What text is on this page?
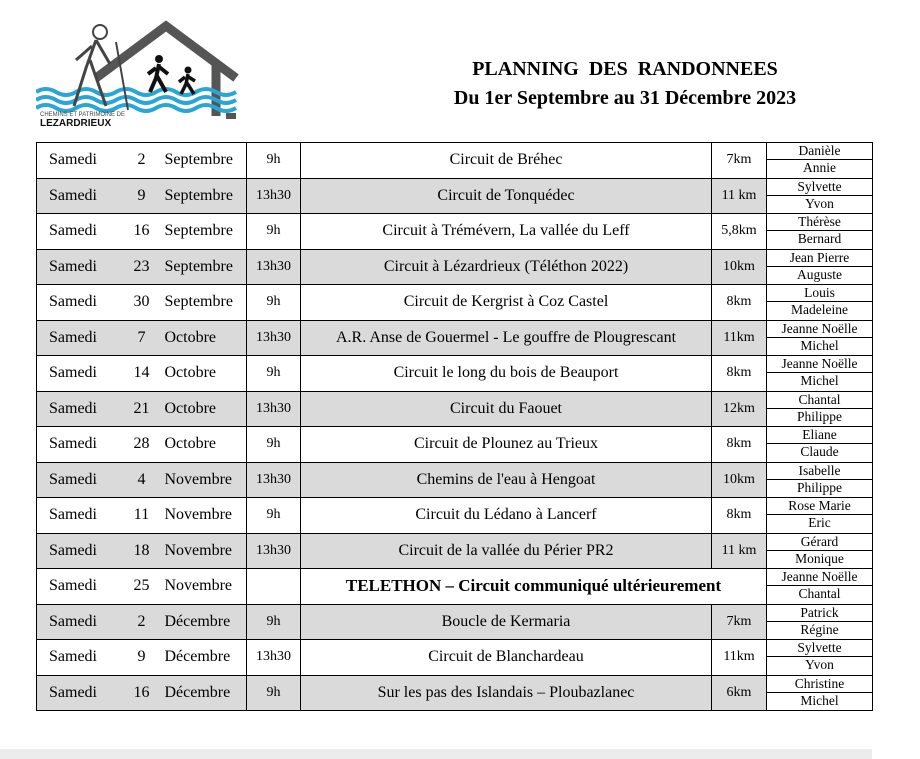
CHEMINS ET PATRIMOINE DE
LEZARDRIEUX
PLANNING  DES  RANDONNEES
Du 1er Septembre au 31 Décembre 2023
Samedi	2	Septembre	9h	Circuit de Bréhec	7km	Danièle
Annie

Samedi	9	Septembre	13h30	Circuit de Tonquédec	11 km	Sylvette
Yvon

Samedi	16	Septembre	9h	Circuit à Trémévern, La vallée du Leff	5,8km	Thérèse
Bernard

Samedi	23	Septembre	13h30	Circuit à Lézardrieux (Téléthon 2022)	10km	Jean Pierre
Auguste

Samedi	30	Septembre	9h	Circuit de Kergrist à Coz Castel	8km	Louis
Madeleine

Samedi	7	Octobre	13h30	A.R. Anse de Gouermel - Le gouffre de Plougrescant	11km	Jeanne Noëlle
Michel

Samedi	14	Octobre	9h	Circuit le long du bois de Beauport	8km	Jeanne Noëlle
Michel

Samedi	21	Octobre	13h30	Circuit du Faouet	12km	Chantal
Philippe

Samedi	28	Octobre	9h	Circuit de Plounez au Trieux	8km	Eliane
Claude

Samedi	4	Novembre	13h30	Chemins de l'eau à Hengoat	10km	Isabelle
Philippe

Samedi	11	Novembre	9h	Circuit du Lédano à Lancerf	8km	Rose Marie
Eric

Samedi	18	Novembre	13h30	Circuit de la vallée du Périer PR2	11 km	Gérard
Monique

Samedi	25	Novembre		TELETHON – Circuit communiqué ultérieurement		Jeanne Noëlle
Chantal

Samedi	2	Décembre	9h	Boucle de Kermaria	7km	Patrick
Régine

Samedi	9	Décembre	13h30	Circuit de Blanchardeau	11km	Sylvette
Yvon

Samedi	16	Décembre	9h	Sur les pas des Islandais – Ploubazlanec	6km	Christine
Michel
